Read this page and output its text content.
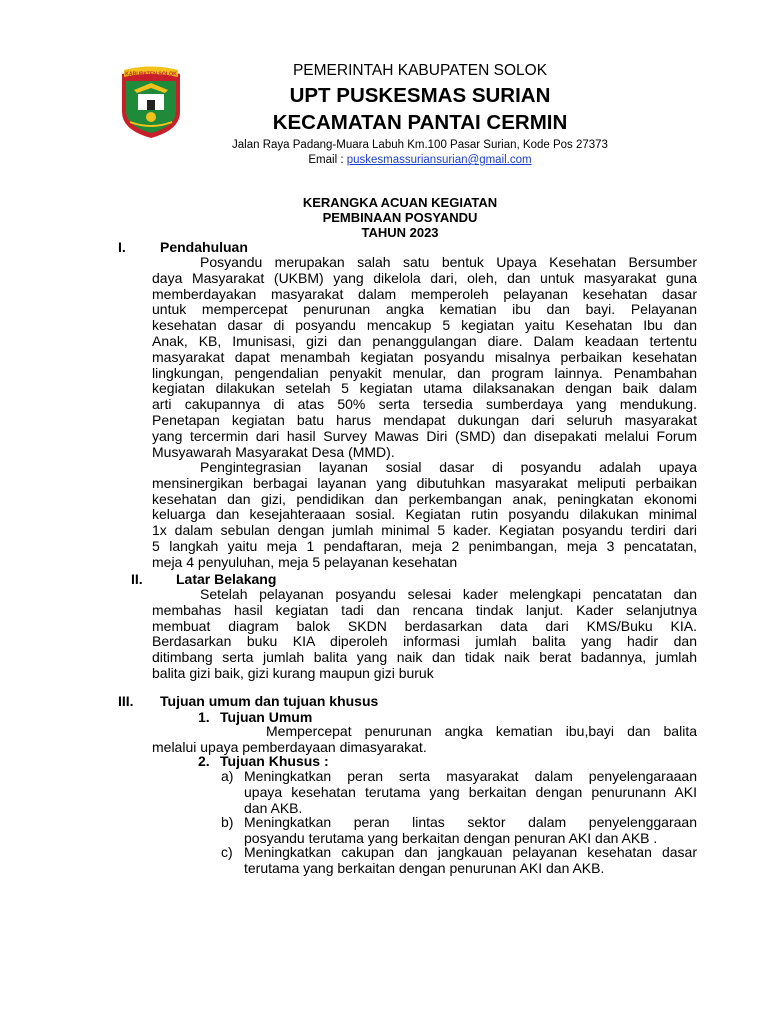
KABUPATEN SOLOK	PEMERINTAH KABUPATEN SOLOK
UPT PUSKESMAS SURIAN
KECAMATAN PANTAI CERMIN
Jalan Raya Padang-Muara Labuh Km.100 Pasar Surian, Kode Pos 27373
Email : puskesmassuriansurian@gmail.com
KERANGKA ACUAN KEGIATAN
PEMBINAAN POSYANDU
TAHUN 2023
I. Pendahuluan
Posyandu merupakan salah satu bentuk Upaya Kesehatan Bersumber
daya Masyarakat (UKBM) yang dikelola dari, oleh, dan untuk masyarakat guna
memberdayakan masyarakat dalam memperoleh pelayanan kesehatan dasar
untuk mempercepat penurunan angka kematian ibu dan bayi. Pelayanan
kesehatan dasar di posyandu mencakup 5 kegiatan yaitu Kesehatan Ibu dan
Anak, KB, Imunisasi, gizi dan penanggulangan diare. Dalam keadaan tertentu
masyarakat dapat menambah kegiatan posyandu misalnya perbaikan kesehatan
lingkungan, pengendalian penyakit menular, dan program lainnya. Penambahan
kegiatan dilakukan setelah 5 kegiatan utama dilaksanakan dengan baik dalam
arti cakupannya di atas 50% serta tersedia sumberdaya yang mendukung.
Penetapan kegiatan batu harus mendapat dukungan dari seluruh masyarakat
yang tercermin dari hasil Survey Mawas Diri (SMD) dan disepakati melalui Forum
Musyawarah Masyarakat Desa (MMD).
Pengintegrasian layanan sosial dasar di posyandu adalah upaya
mensinergikan berbagai layanan yang dibutuhkan masyarakat meliputi perbaikan
kesehatan dan gizi, pendidikan dan perkembangan anak, peningkatan ekonomi
keluarga dan kesejahteraaan sosial. Kegiatan rutin posyandu dilakukan minimal
1x dalam sebulan dengan jumlah minimal 5 kader. Kegiatan posyandu terdiri dari
5 langkah yaitu meja 1 pendaftaran, meja 2 penimbangan, meja 3 pencatatan,
meja 4 penyuluhan, meja 5 pelayanan kesehatan
II. Latar Belakang
Setelah pelayanan posyandu selesai kader melengkapi pencatatan dan
membahas hasil kegiatan tadi dan rencana tindak lanjut. Kader selanjutnya
membuat diagram balok SKDN berdasarkan data dari KMS/Buku KIA.
Berdasarkan buku KIA diperoleh informasi jumlah balita yang hadir dan
ditimbang serta jumlah balita yang naik dan tidak naik berat badannya, jumlah
balita gizi baik, gizi kurang maupun gizi buruk
III. Tujuan umum dan tujuan khusus
1. Tujuan Umum
Mempercepat penurunan angka kematian ibu,bayi dan balita
melalui upaya pemberdayaan dimasyarakat.
2. Tujuan Khusus :
a) Meningkatkan peran serta masyarakat dalam penyelengaraaan
upaya kesehatan terutama yang berkaitan dengan penurunann AKI
dan AKB.
b) Meningkatkan peran lintas sektor dalam penyelenggaraan
posyandu terutama yang berkaitan dengan penuran AKI dan AKB .
c) Meningkatkan cakupan dan jangkauan pelayanan kesehatan dasar
terutama yang berkaitan dengan penurunan AKI dan AKB.
